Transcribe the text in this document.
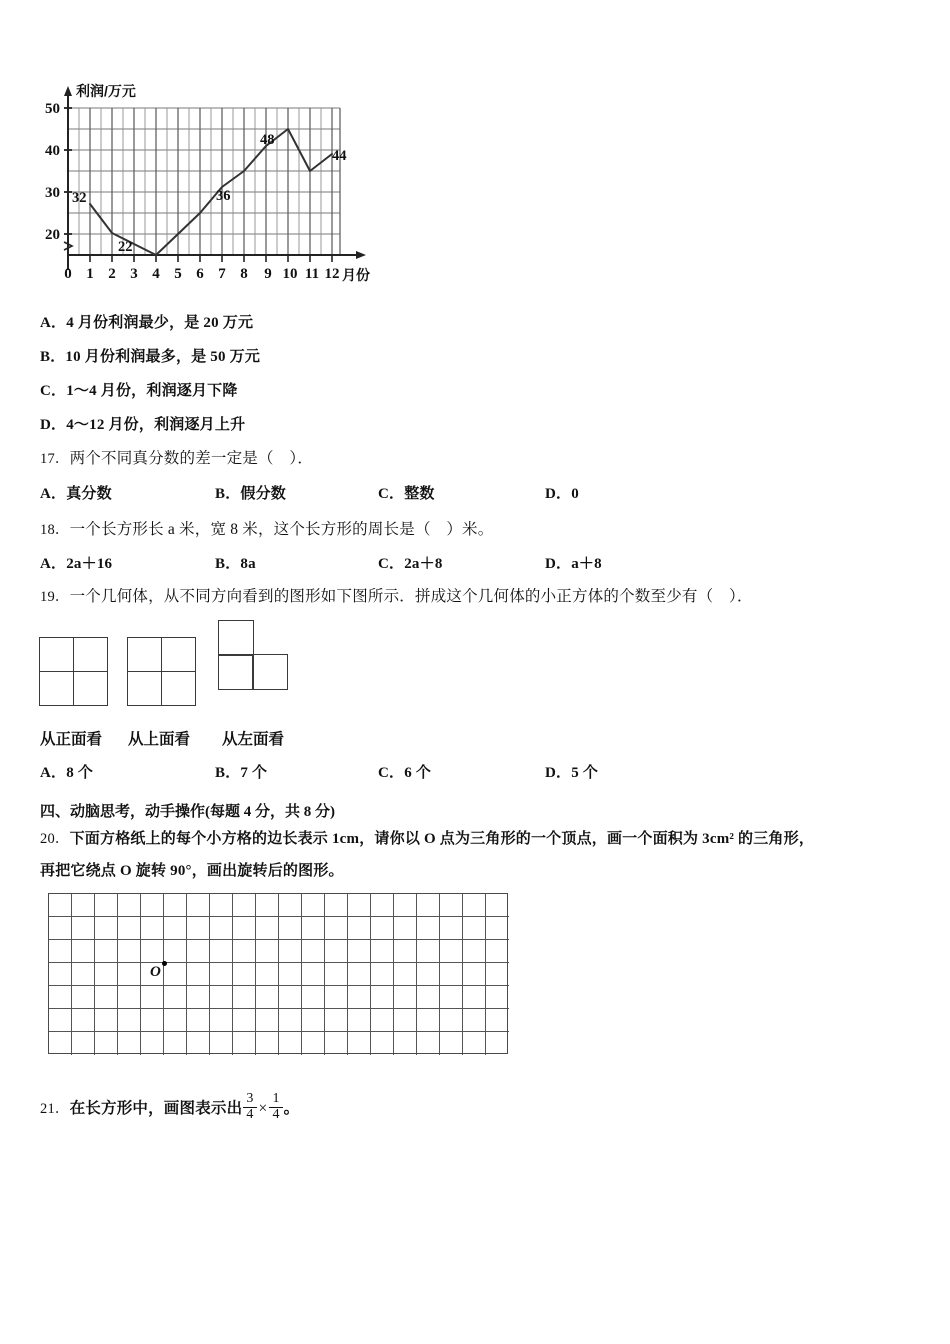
20
30
40
50
0 1 2 3 4 5 6 7 8 9 10 11 12
利润/万元
月份
32
22
36
48
44
A．4 月份利润最少，是 20 万元
B．10 月份利润最多，是 50 万元
C．1～4 月份，利润逐月下降
D．4～12 月份，利润逐月上升
17．两个不同真分数的差一定是（　）．
A．真分数	B．假分数	C．整数	D．0
18．一个长方形长 a 米，宽 8 米，这个长方形的周长是（　）米。
A．2a＋16	B．8a	C．2a＋8	D．a＋8
19．一个几何体，从不同方向看到的图形如下图所示．拼成这个几何体的小正方体的个数至少有（　）．
从正面看 从上面看 从左面看
A．8 个	B．7 个	C．6 个	D．5 个
四、动脑思考，动手操作(每题 4 分，共 8 分)
20．下面方格纸上的每个小方格的边长表示 1cm，请你以 O 点为三角形的一个顶点，画一个面积为 3cm² 的三角形，
再把它绕点 O 旋转 90°，画出旋转后的图形。
O
21．在长方形中，画图表示出 $\frac{3}{4} \times \frac{1}{4}$ 。
